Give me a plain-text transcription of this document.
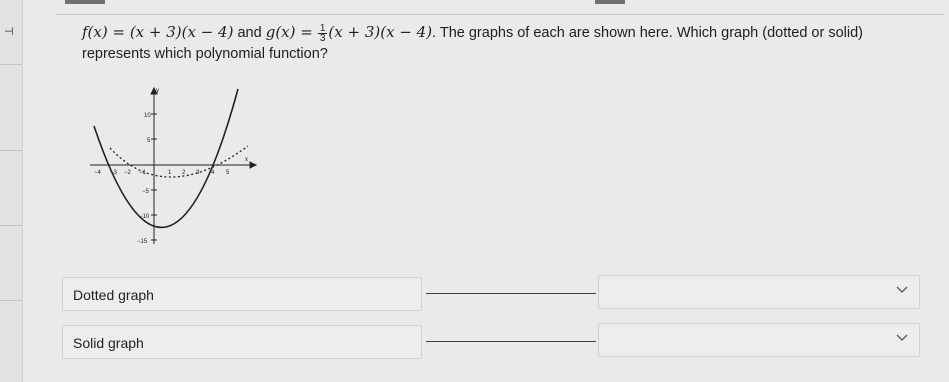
⊣	f(x) = (x + 3)(x − 4) and $g(x) = \frac{1}{3} (x + 3)(x - 4)$. The graphs of each are shown here. Which graph (dotted or solid) represents which polynomial function?
y
x
10
5
−5
−10
−15
−4 −3 −2 −1	1 2 3 4 5
Dotted graph
Solid graph
